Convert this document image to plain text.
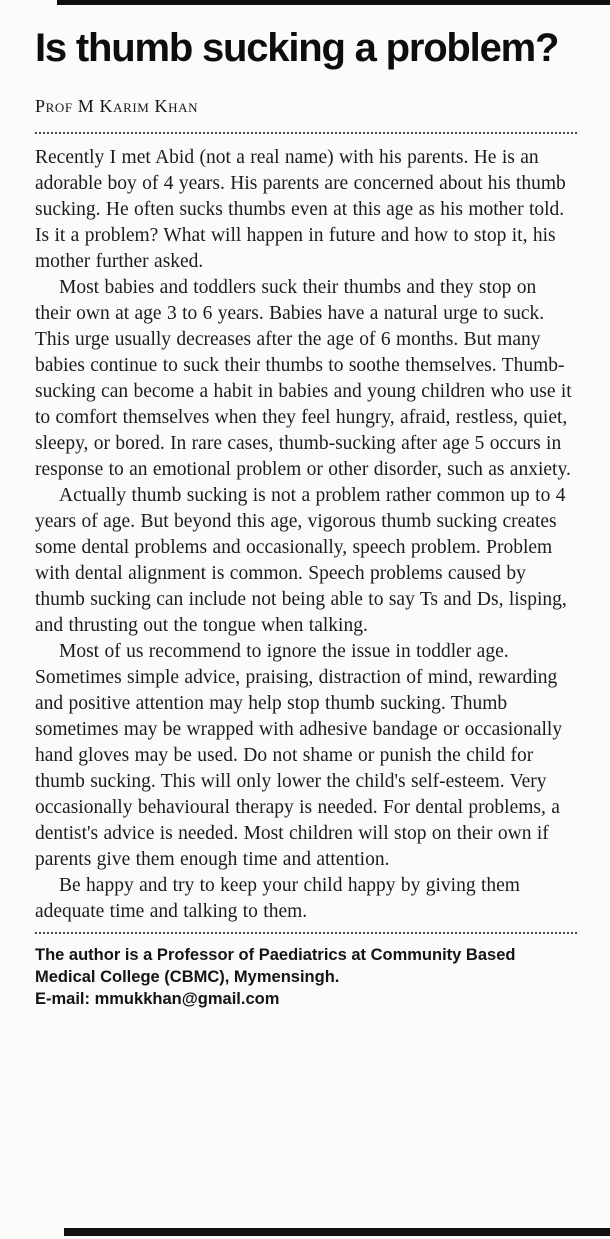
Is thumb sucking a problem?
Prof M Karim Khan

Recently I met Abid (not a real name) with his parents. He is an adorable boy of 4 years. His parents are concerned about his thumb sucking. He often sucks thumbs even at this age as his mother told. Is it a problem? What will happen in future and how to stop it, his mother further asked.

Most babies and toddlers suck their thumbs and they stop on their own at age 3 to 6 years. Babies have a natural urge to suck. This urge usually decreases after the age of 6 months. But many babies continue to suck their thumbs to soothe themselves. Thumb-sucking can become a habit in babies and young children who use it to comfort themselves when they feel hungry, afraid, restless, quiet, sleepy, or bored. In rare cases, thumb-sucking after age 5 occurs in response to an emotional problem or other disorder, such as anxiety.

Actually thumb sucking is not a problem rather common up to 4 years of age. But beyond this age, vigorous thumb sucking creates some dental problems and occasionally, speech problem. Problem with dental alignment is common. Speech problems caused by thumb sucking can include not being able to say Ts and Ds, lisping, and thrusting out the tongue when talking.

Most of us recommend to ignore the issue in toddler age. Sometimes simple advice, praising, distraction of mind, rewarding and positive attention may help stop thumb sucking. Thumb sometimes may be wrapped with adhesive bandage or occasionally hand gloves may be used. Do not shame or punish the child for thumb sucking. This will only lower the child's self-esteem. Very occasionally behavioural therapy is needed. For dental problems, a dentist's advice is needed. Most children will stop on their own if parents give them enough time and attention.

Be happy and try to keep your child happy by giving them adequate time and talking to them.

The author is a Professor of Paediatrics at Community Based Medical College (CBMC), Mymensingh.

E-mail: mmukkhan@gmail.com
